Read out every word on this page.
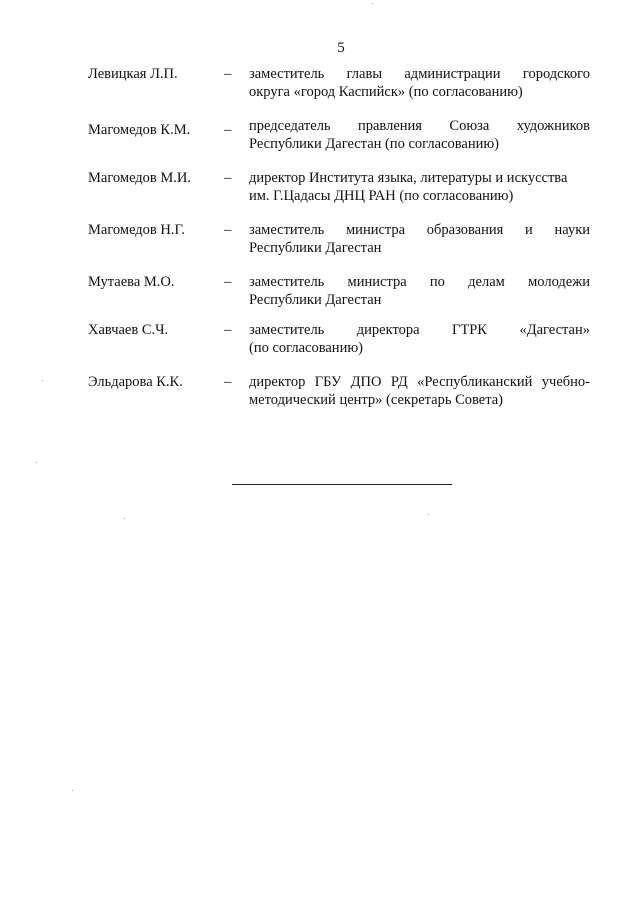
5
Левицкая Л.П.	– заместитель главы администрации городского
округа «город Каспийск» (по согласованию)
Магомедов К.М. – председатель правления Союза художников
Республики Дагестан (по согласованию)
Магомедов М.И. – директор Института языка, литературы и искусства
им. Г.Цадасы ДНЦ РАН (по согласованию)
Магомедов Н.Г.	– заместитель министра образования и науки
Республики Дагестан
Мутаева М.О.	– заместитель министра по делам молодежи
Республики Дагестан
Хавчаев С.Ч.	– заместитель директора ГТРК «Дагестан»
(по согласованию)
Эльдарова К.К.	– директор ГБУ ДПО РД «Республиканский учебно-
методический центр» (секретарь Совета)
